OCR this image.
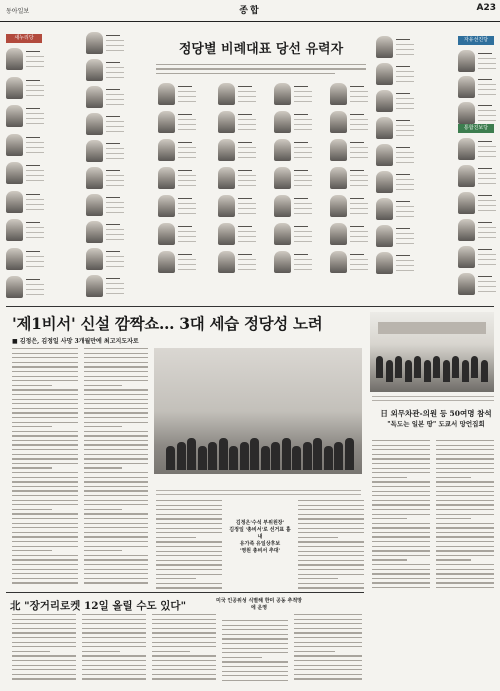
동아일보	종합	A23
새누리당	자유선진당
통합진보당
정당별 비례대표 당선 유력자
'제1비서' 신설 깜짝쇼… 3대 세습 정당성 노려
■ 김정은, 김정일 사망 3개월만에 최고지도자로
김정은'수석 부위원장'
김정일 '총비서'로 선거표 흉내
유가족 유일상후보
'영원 총비서 추대'
日 외무차관-의원 등 50여명 참석
"독도는 일본 땅" 도쿄서 망언집회
北 "장거리로켓 12일 올릴 수도 있다"	미국 인공위성 식별해 한미 공동 추적망에 운영
